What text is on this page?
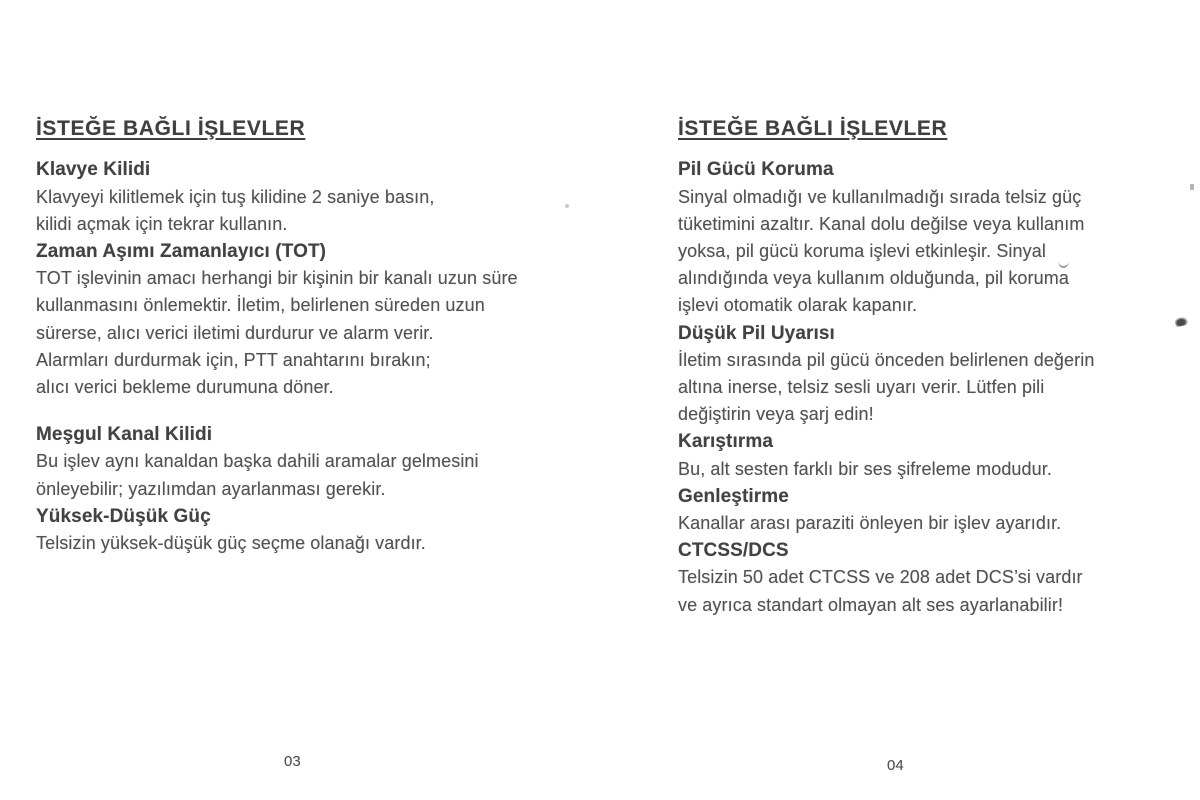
İSTEĞE BAĞLI İŞLEVLER
Klavye Kilidi
Klavyeyi kilitlemek için tuş kilidine 2 saniye basın,
kilidi açmak için tekrar kullanın.
Zaman Aşımı Zamanlayıcı (TOT)
TOT işlevinin amacı herhangi bir kişinin bir kanalı uzun süre
kullanmasını önlemektir. İletim, belirlenen süreden uzun
sürerse, alıcı verici iletimi durdurur ve alarm verir.
Alarmları durdurmak için, PTT anahtarını bırakın;
alıcı verici bekleme durumuna döner.
Meşgul Kanal Kilidi
Bu işlev aynı kanaldan başka dahili aramalar gelmesini
önleyebilir; yazılımdan ayarlanması gerekir.
Yüksek-Düşük Güç
Telsizin yüksek-düşük güç seçme olanağı vardır.
İSTEĞE BAĞLI İŞLEVLER
Pil Gücü Koruma
Sinyal olmadığı ve kullanılmadığı sırada telsiz güç
tüketimini azaltır. Kanal dolu değilse veya kullanım
yoksa, pil gücü koruma işlevi etkinleşir. Sinyal
alındığında veya kullanım olduğunda, pil koruma
işlevi otomatik olarak kapanır.
Düşük Pil Uyarısı
İletim sırasında pil gücü önceden belirlenen değerin
altına inerse, telsiz sesli uyarı verir. Lütfen pili
değiştirin veya şarj edin!
Karıştırma
Bu, alt sesten farklı bir ses şifreleme modudur.
Genleştirme
Kanallar arası paraziti önleyen bir işlev ayarıdır.
CTCSS/DCS
Telsizin 50 adet CTCSS ve 208 adet DCS’si vardır
ve ayrıca standart olmayan alt ses ayarlanabilir!
03	04
